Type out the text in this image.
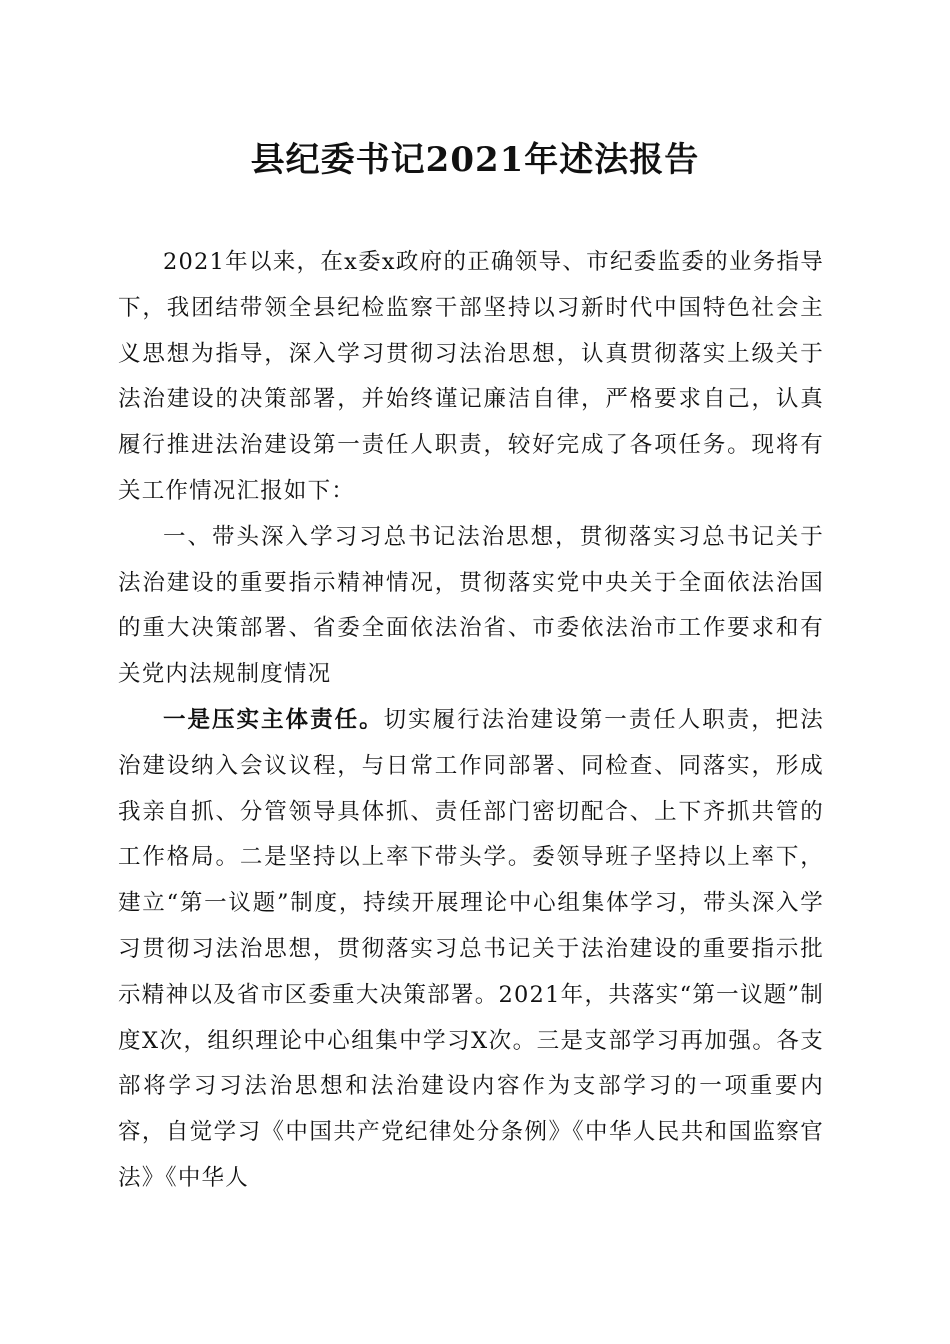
县纪委书记2021年述法报告

2021年以来，在x委x政府的正确领导、市纪委监委的业务指导下，我团结带领全县纪检监察干部坚持以习新时代中国特色社会主义思想为指导，深入学习贯彻习法治思想，认真贯彻落实上级关于法治建设的决策部署，并始终谨记廉洁自律，严格要求自己，认真履行推进法治建设第一责任人职责，较好完成了各项任务。现将有关工作情况汇报如下：

一、带头深入学习习总书记法治思想，贯彻落实习总书记关于法治建设的重要指示精神情况，贯彻落实党中央关于全面依法治国的重大决策部署、省委全面依法治省、市委依法治市工作要求和有关党内法规制度情况

一是压实主体责任。切实履行法治建设第一责任人职责，把法治建设纳入会议议程，与日常工作同部署、同检查、同落实，形成我亲自抓、分管领导具体抓、责任部门密切配合、上下齐抓共管的工作格局。二是坚持以上率下带头学。委领导班子坚持以上率下，建立“第一议题”制度，持续开展理论中心组集体学习，带头深入学习贯彻习法治思想，贯彻落实习总书记关于法治建设的重要指示批示精神以及省市区委重大决策部署。2021年，共落实“第一议题”制度X次，组织理论中心组集中学习X次。三是支部学习再加强。各支部将学习习法治思想和法治建设内容作为支部学习的一项重要内容，自觉学习《中国共产党纪律处分条例》《中华人民共和国监察官法》《中华人
